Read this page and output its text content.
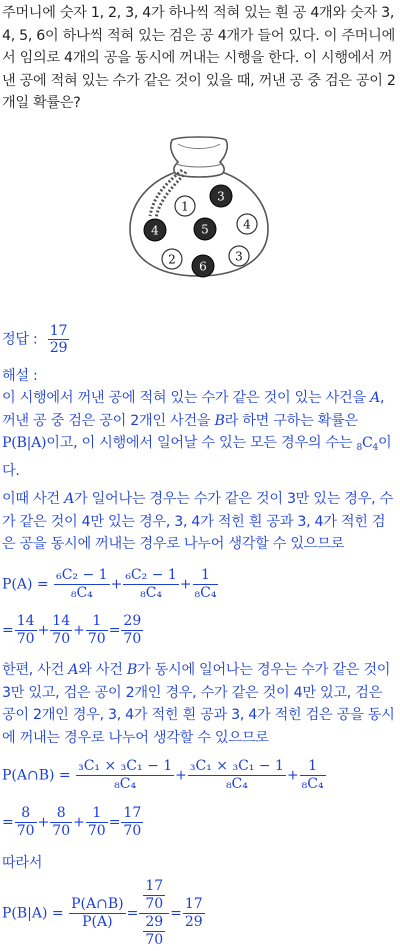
주머니에 숫자 1, 2, 3, 4가 하나씩 적혀 있는 흰 공 4개와 숫자 3, 4, 5, 6이 하나씩 적혀 있는 검은 공 4개가 들어 있다. 이 주머니에서 임의로 4개의 공을 동시에 꺼내는 시행을 한다. 이 시행에서 꺼낸 공에 적혀 있는 수가 같은 것이 있을 때, 꺼낸 공 중 검은 공이 2개일 확률은?
1
3
4	5	4
2 6
3
정답 : $\frac{17}{29}$
해설 :
이 시행에서 꺼낸 공에 적혀 있는 수가 같은 것이 있는 사건을 A, 꺼낸 공 중 검은 공이 2개인 사건을 B라 하면 구하는 확률은 P(B|A)이고, 이 시행에서 일어날 수 있는 모든 경우의 수는 $_8C_4$이다.
이때 사건 A가 일어나는 경우는 수가 같은 것이 3만 있는 경우, 수가 같은 것이 4만 있는 경우, 3, 4가 적힌 흰 공과 3, 4가 적힌 검은 공을 동시에 꺼내는 경우로 나누어 생각할 수 있으므로
$P(A) = \frac{\text{₆C₂ − 1}}{\text{₈C₄}} + \frac{\text{₆C₂ − 1}}{\text{₈C₄}} + \frac{1}{\text{₈C₄}}$
= $\frac{14}{70} + \frac{14}{70} + \frac{1}{70} = \frac{29}{70}$
한편, 사건 A와 사건 B가 동시에 일어나는 경우는 수가 같은 것이 3만 있고, 검은 공이 2개인 경우, 수가 같은 것이 4만 있고, 검은 공이 2개인 경우, 3, 4가 적힌 흰 공과 3, 4가 적힌 검은 공을 동시에 꺼내는 경우로 나누어 생각할 수 있으므로
P(A∩B) = $\frac{\text{₃C₁ × ₃C₁ − 1}}{\text{₈C₄}} + \frac{\text{₃C₁ × ₃C₁ − 1}}{\text{₈C₄}} + \frac{1}{\text{₈C₄}}$
= $\frac{8}{70} + \frac{8}{70} + \frac{1}{70} = \frac{17}{70}$
따라서
$P(B|A) = \frac{P(A\cap B)}{P(A)} = \frac{\frac{17}{70}}{\frac{29}{70}} = \frac{17}{29}$
